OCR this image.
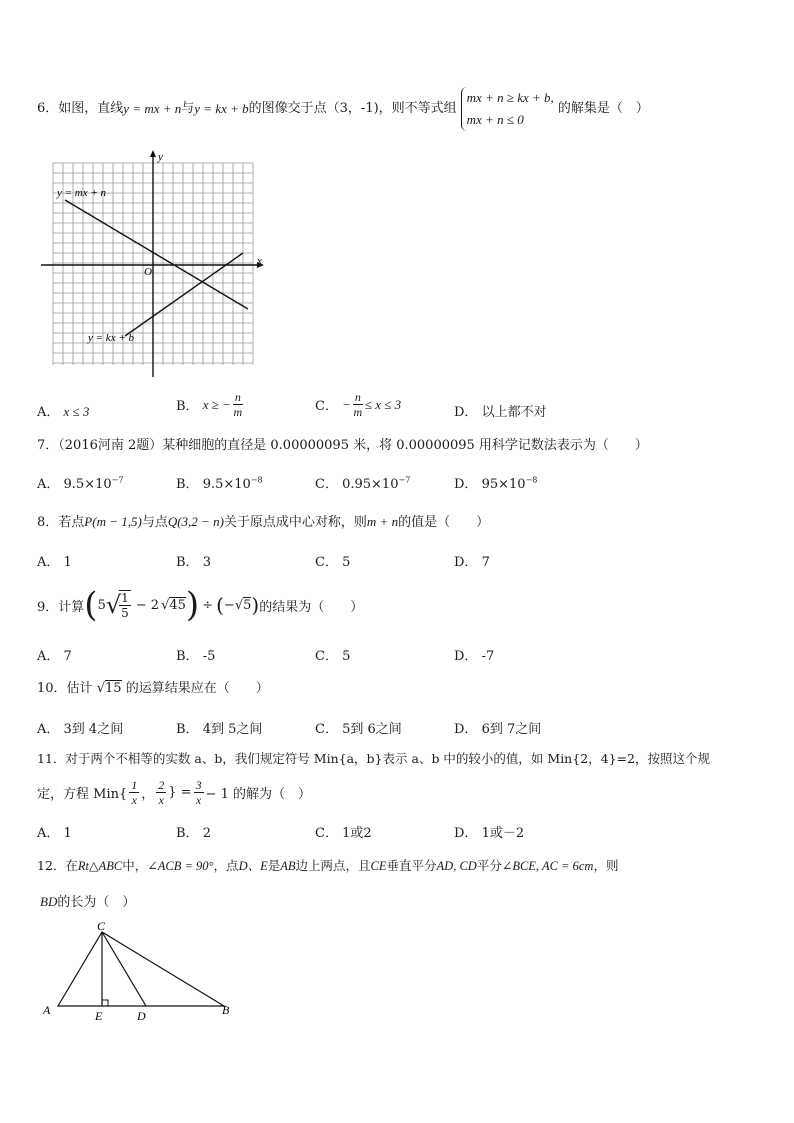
6． 如图，直线 y = mx + n 与 y = kx + b 的图像交于点（3，-1)，则不等式组
mx + n ≥ kx + b,
mx + n ≤ 0
的解集是（　）
y
x
O
y = mx + n
y = kx + b
A． x ≤ 3	B．
x ≥ − $\frac{n}{m}$	C．
− $\frac{n}{m} \le x \le 3$
D． 以上都不对
7．（2016河南 2题）某种细胞的直径是 0.00000095 米，将 0.00000095 用科学记数法表示为（　　）
A． $9.5\times 10^{-7}$	B． $9.5\times 10^{-8}$	C． $0.95\times 10^{-7}$	D． $95\times 10^{-8}$
8．若点P(m − 1,5)与点Q(3,2 − n)关于原点成中心对称，则m + n的值是（　　）
A． 1	B． 3	C． 5	D． 7
9． 计算 ( 5 √
$\frac{1}{5} - 2$ √ 45 ) ÷ ( − √ 5 ) 的结果为（　　）
A． 7	B． -5	C． 5	D． -7
10．估计 √15 的运算结果应在（　　）
A． 3到 4之间	B． 4到 5之间	C． 5到 6之间	D． 6到 7之间
11．对于两个不相等的实数 a、b，我们规定符号 Min{a，b}表示 a、b 中的较小的值，如 Min{2，4}=2，按照这个规
定，方程 $Min\{ \frac{1}{x}$ ， $\frac{2}{x}$ } = $\frac{3}{x} - 1$ 的解为（　）
A． 1	B． 2	C． 1或2	D． 1或－2
12．在Rt△ABC中，∠ACB = 90°，点D、E是AB边上两点，且CE垂直平分AD, CD平分∠BCE, AC = 6cm，则
BD的长为（　）
C
A	E	D	B
